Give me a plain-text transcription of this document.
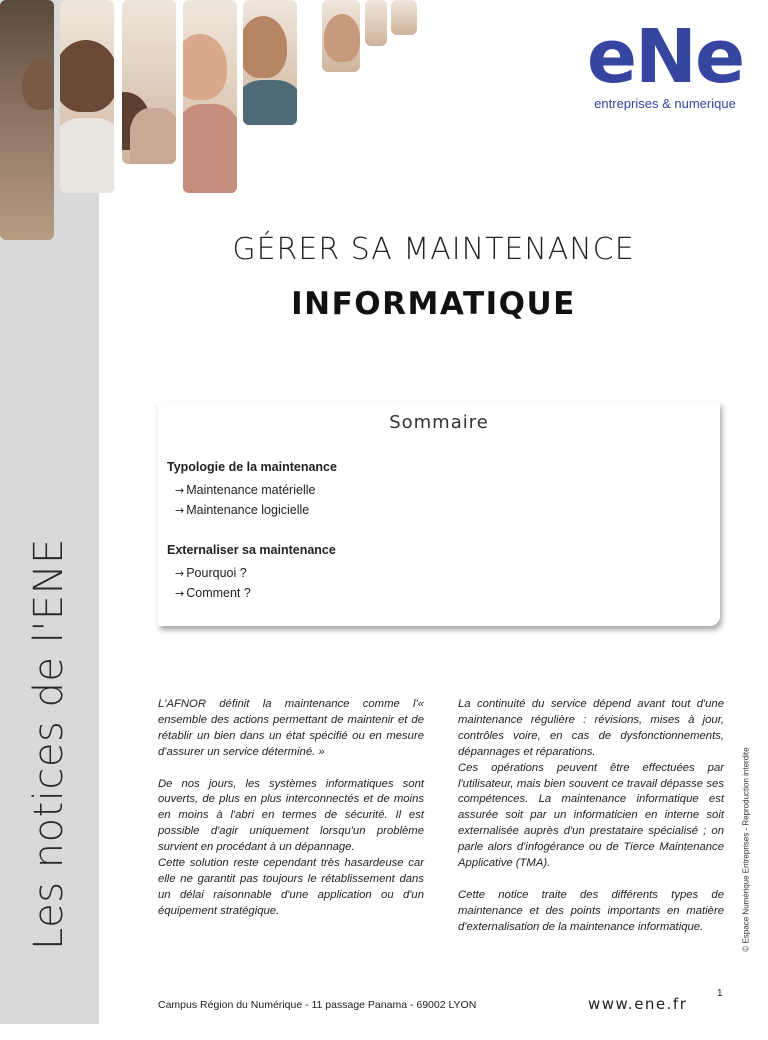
Les notices de l'ENE
eNe
entreprises & numerique
GÉRER SA MAINTENANCE
INFORMATIQUE
Sommaire
Typologie de la maintenance
→ Maintenance matérielle
→ Maintenance logicielle
Externaliser sa maintenance
→ Pourquoi ?
→ Comment ?

L'AFNOR définit la maintenance comme l'« ensemble des actions permettant de maintenir et de rétablir un bien dans un état spécifié ou en mesure d'assurer un service déterminé. »

De nos jours, les systèmes informatiques sont ouverts, de plus en plus interconnectés et de moins en moins à l'abri en termes de sécurité. Il est possible d'agir uniquement lorsqu'un problème survient en procédant à un dépannage.

Cette solution reste cependant très hasardeuse car elle ne garantit pas toujours le rétablissement dans un délai raisonnable d'une application ou d'un équipement stratégique.

La continuité du service dépend avant tout d'une maintenance régulière : révisions, mises à jour, contrôles voire, en cas de dysfonctionnements, dépannages et réparations.

Ces opérations peuvent être effectuées par l'utilisateur, mais bien souvent ce travail dépasse ses compétences. La maintenance informatique est assurée soit par un informaticien en interne soit externalisée auprès d'un prestataire spécialisé ; on parle alors d'infogérance ou de Tierce Maintenance Applicative (TMA).

Cette notice traite des différents types de maintenance et des points importants en matière d'externalisation de la maintenance informatique.	© Espace Numérique Entreprises - Reproduction interdite
Campus Région du Numérique - 11 passage Panama - 69002 LYON	www.ene.fr
1
